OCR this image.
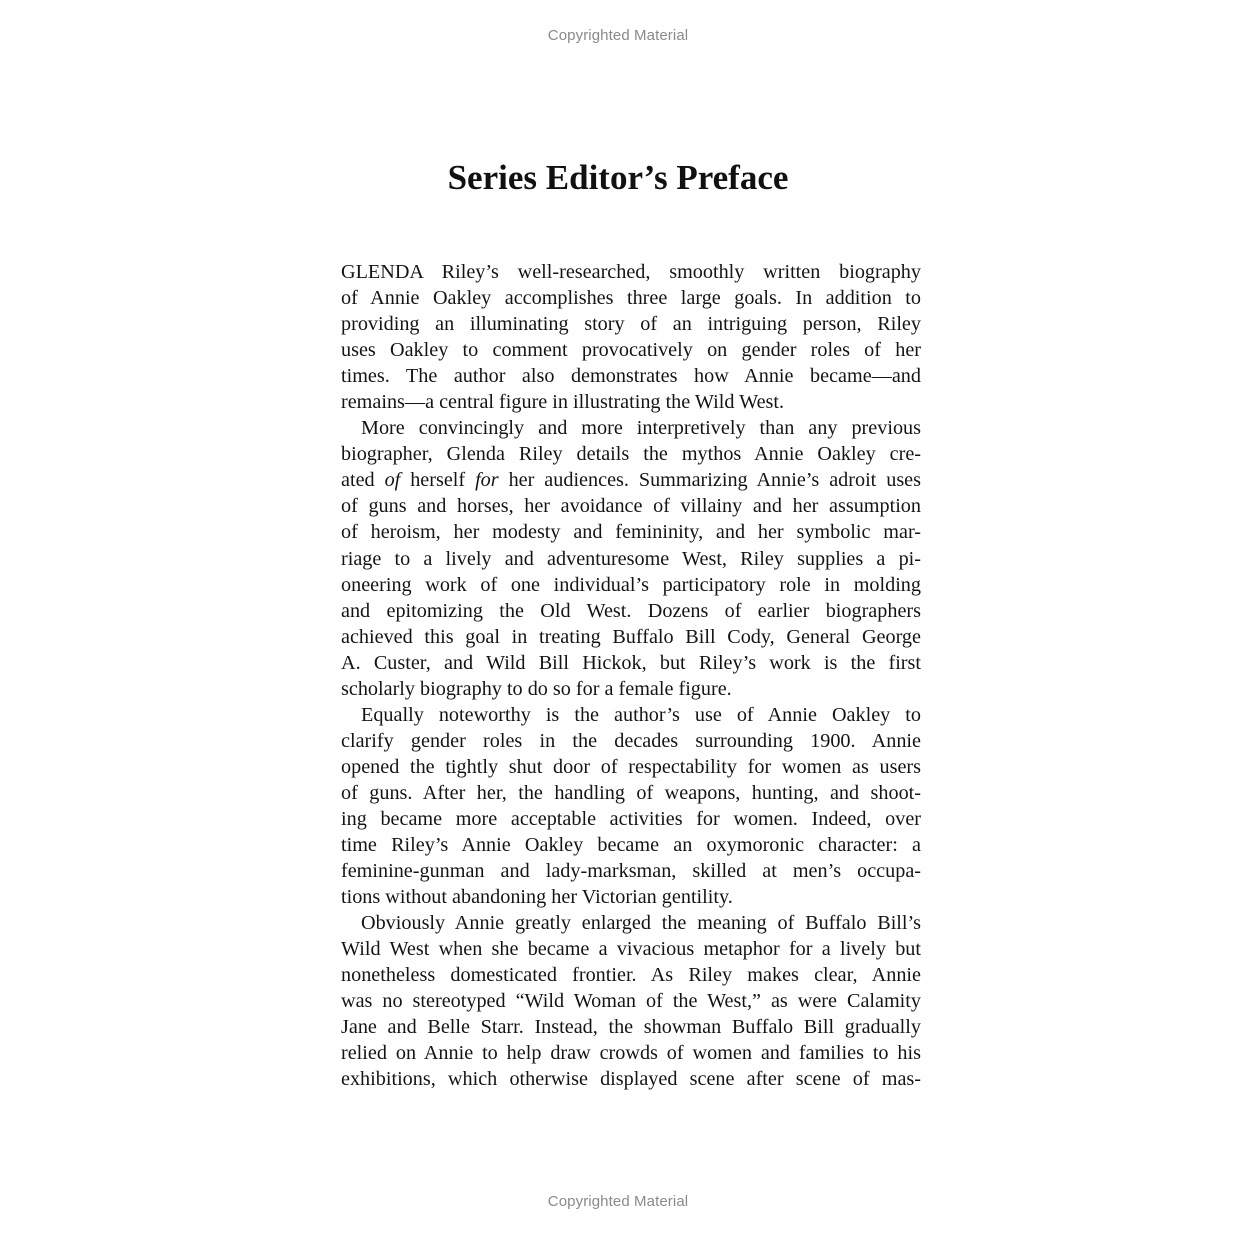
Copyrighted Material
Series Editor’s Preface
GLENDA Riley’s well-researched, smoothly written biography
of Annie Oakley accomplishes three large goals. In addition to
providing an illuminating story of an intriguing person, Riley
uses Oakley to comment provocatively on gender roles of her
times. The author also demonstrates how Annie became—and
remains—a central figure in illustrating the Wild West.
More convincingly and more interpretively than any previous
biographer, Glenda Riley details the mythos Annie Oakley cre-
ated of herself for her audiences. Summarizing Annie’s adroit uses
of guns and horses, her avoidance of villainy and her assumption
of heroism, her modesty and femininity, and her symbolic mar-
riage to a lively and adventuresome West, Riley supplies a pi-
oneering work of one individual’s participatory role in molding
and epitomizing the Old West. Dozens of earlier biographers
achieved this goal in treating Buffalo Bill Cody, General George
A. Custer, and Wild Bill Hickok, but Riley’s work is the first
scholarly biography to do so for a female figure.
Equally noteworthy is the author’s use of Annie Oakley to
clarify gender roles in the decades surrounding 1900. Annie
opened the tightly shut door of respectability for women as users
of guns. After her, the handling of weapons, hunting, and shoot-
ing became more acceptable activities for women. Indeed, over
time Riley’s Annie Oakley became an oxymoronic character: a
feminine-gunman and lady-marksman, skilled at men’s occupa-
tions without abandoning her Victorian gentility.
Obviously Annie greatly enlarged the meaning of Buffalo Bill’s
Wild West when she became a vivacious metaphor for a lively but
nonetheless domesticated frontier. As Riley makes clear, Annie
was no stereotyped “Wild Woman of the West,” as were Calamity
Jane and Belle Starr. Instead, the showman Buffalo Bill gradually
relied on Annie to help draw crowds of women and families to his
exhibitions, which otherwise displayed scene after scene of mas-
Copyrighted Material
